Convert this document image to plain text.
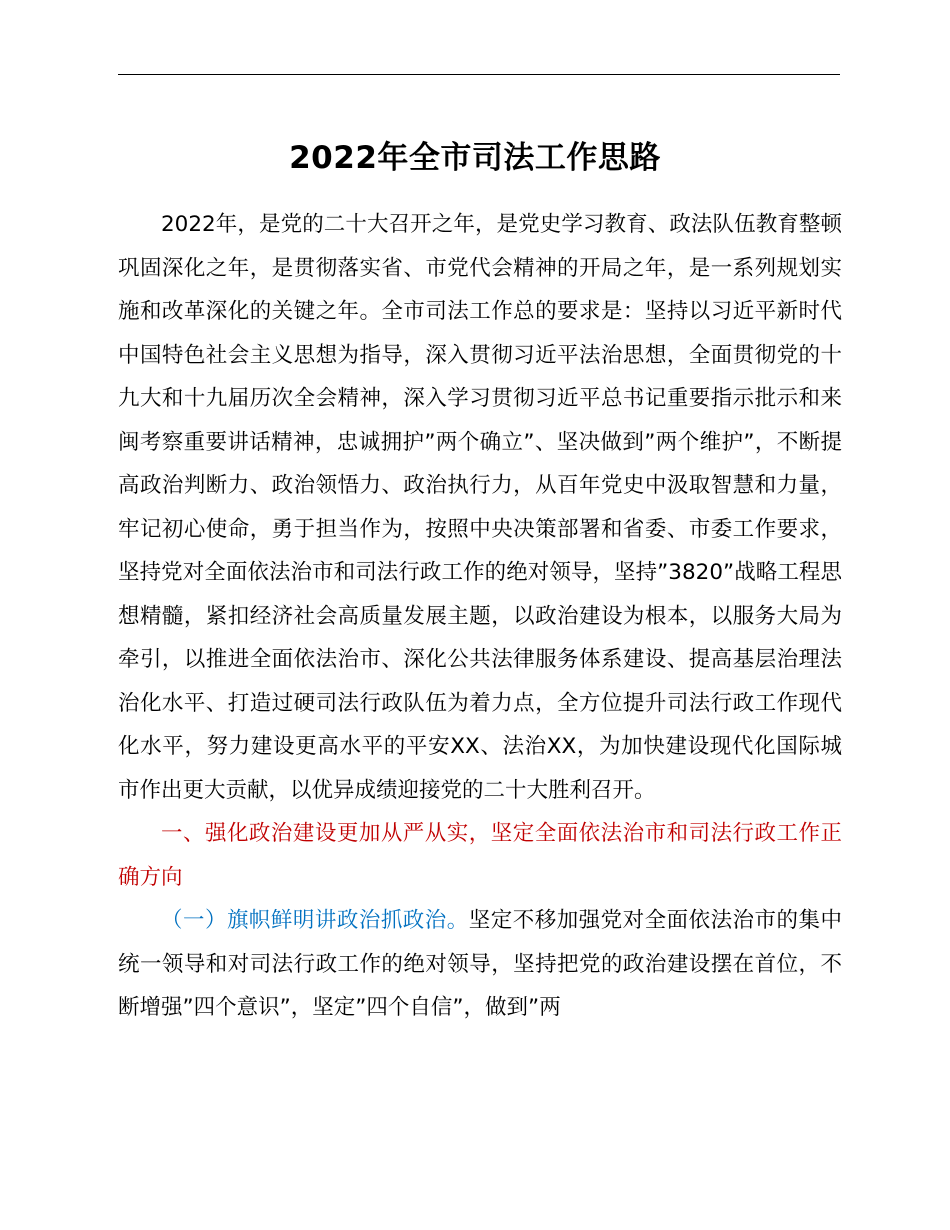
2022年全市司法工作思路

2022年，是党的二十大召开之年，是党史学习教育、政法队伍教育整顿巩固深化之年，是贯彻落实省、市党代会精神的开局之年，是一系列规划实施和改革深化的关键之年。全市司法工作总的要求是：坚持以习近平新时代中国特色社会主义思想为指导，深入贯彻习近平法治思想，全面贯彻党的十九大和十九届历次全会精神，深入学习贯彻习近平总书记重要指示批示和来闽考察重要讲话精神，忠诚拥护”两个确立”、坚决做到”两个维护”，不断提高政治判断力、政治领悟力、政治执行力，从百年党史中汲取智慧和力量，牢记初心使命，勇于担当作为，按照中央决策部署和省委、市委工作要求，坚持党对全面依法治市和司法行政工作的绝对领导，坚持”3820”战略工程思想精髓，紧扣经济社会高质量发展主题，以政治建设为根本，以服务大局为牵引，以推进全面依法治市、深化公共法律服务体系建设、提高基层治理法治化水平、打造过硬司法行政队伍为着力点，全方位提升司法行政工作现代化水平，努力建设更高水平的平安XX、法治XX，为加快建设现代化国际城市作出更大贡献，以优异成绩迎接党的二十大胜利召开。

一、强化政治建设更加从严从实，坚定全面依法治市和司法行政工作正确方向

（一）旗帜鲜明讲政治抓政治。坚定不移加强党对全面依法治市的集中统一领导和对司法行政工作的绝对领导，坚持把党的政治建设摆在首位，不断增强”四个意识”，坚定”四个自信”，做到”两
